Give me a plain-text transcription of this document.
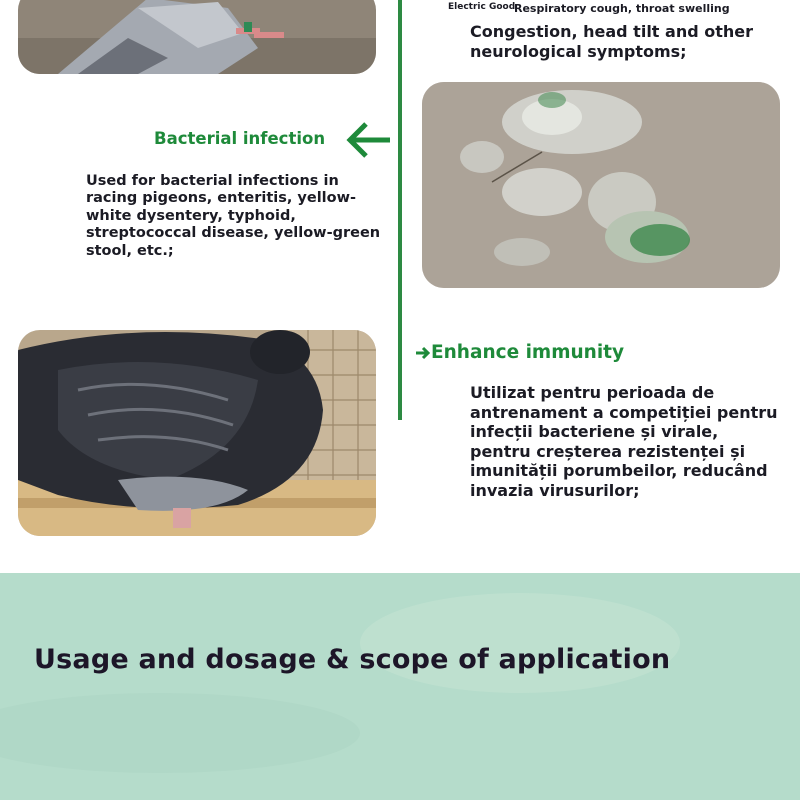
Electric Good
Respiratory cough, throat swelling
Congestion, head tilt and other neurological symptoms;
Bacterial infection
Used for bacterial infections in racing pigeons, enteritis, yellow-white dysentery, typhoid, streptococcal disease, yellow-green stool, etc.;
Enhance immunity
Utilizat pentru perioada de antrenament a competiției pentru infecții bacteriene și virale, pentru creșterea rezistenței și imunității porumbeilor, reducând invazia virusurilor;
Usage and dosage & scope of application
